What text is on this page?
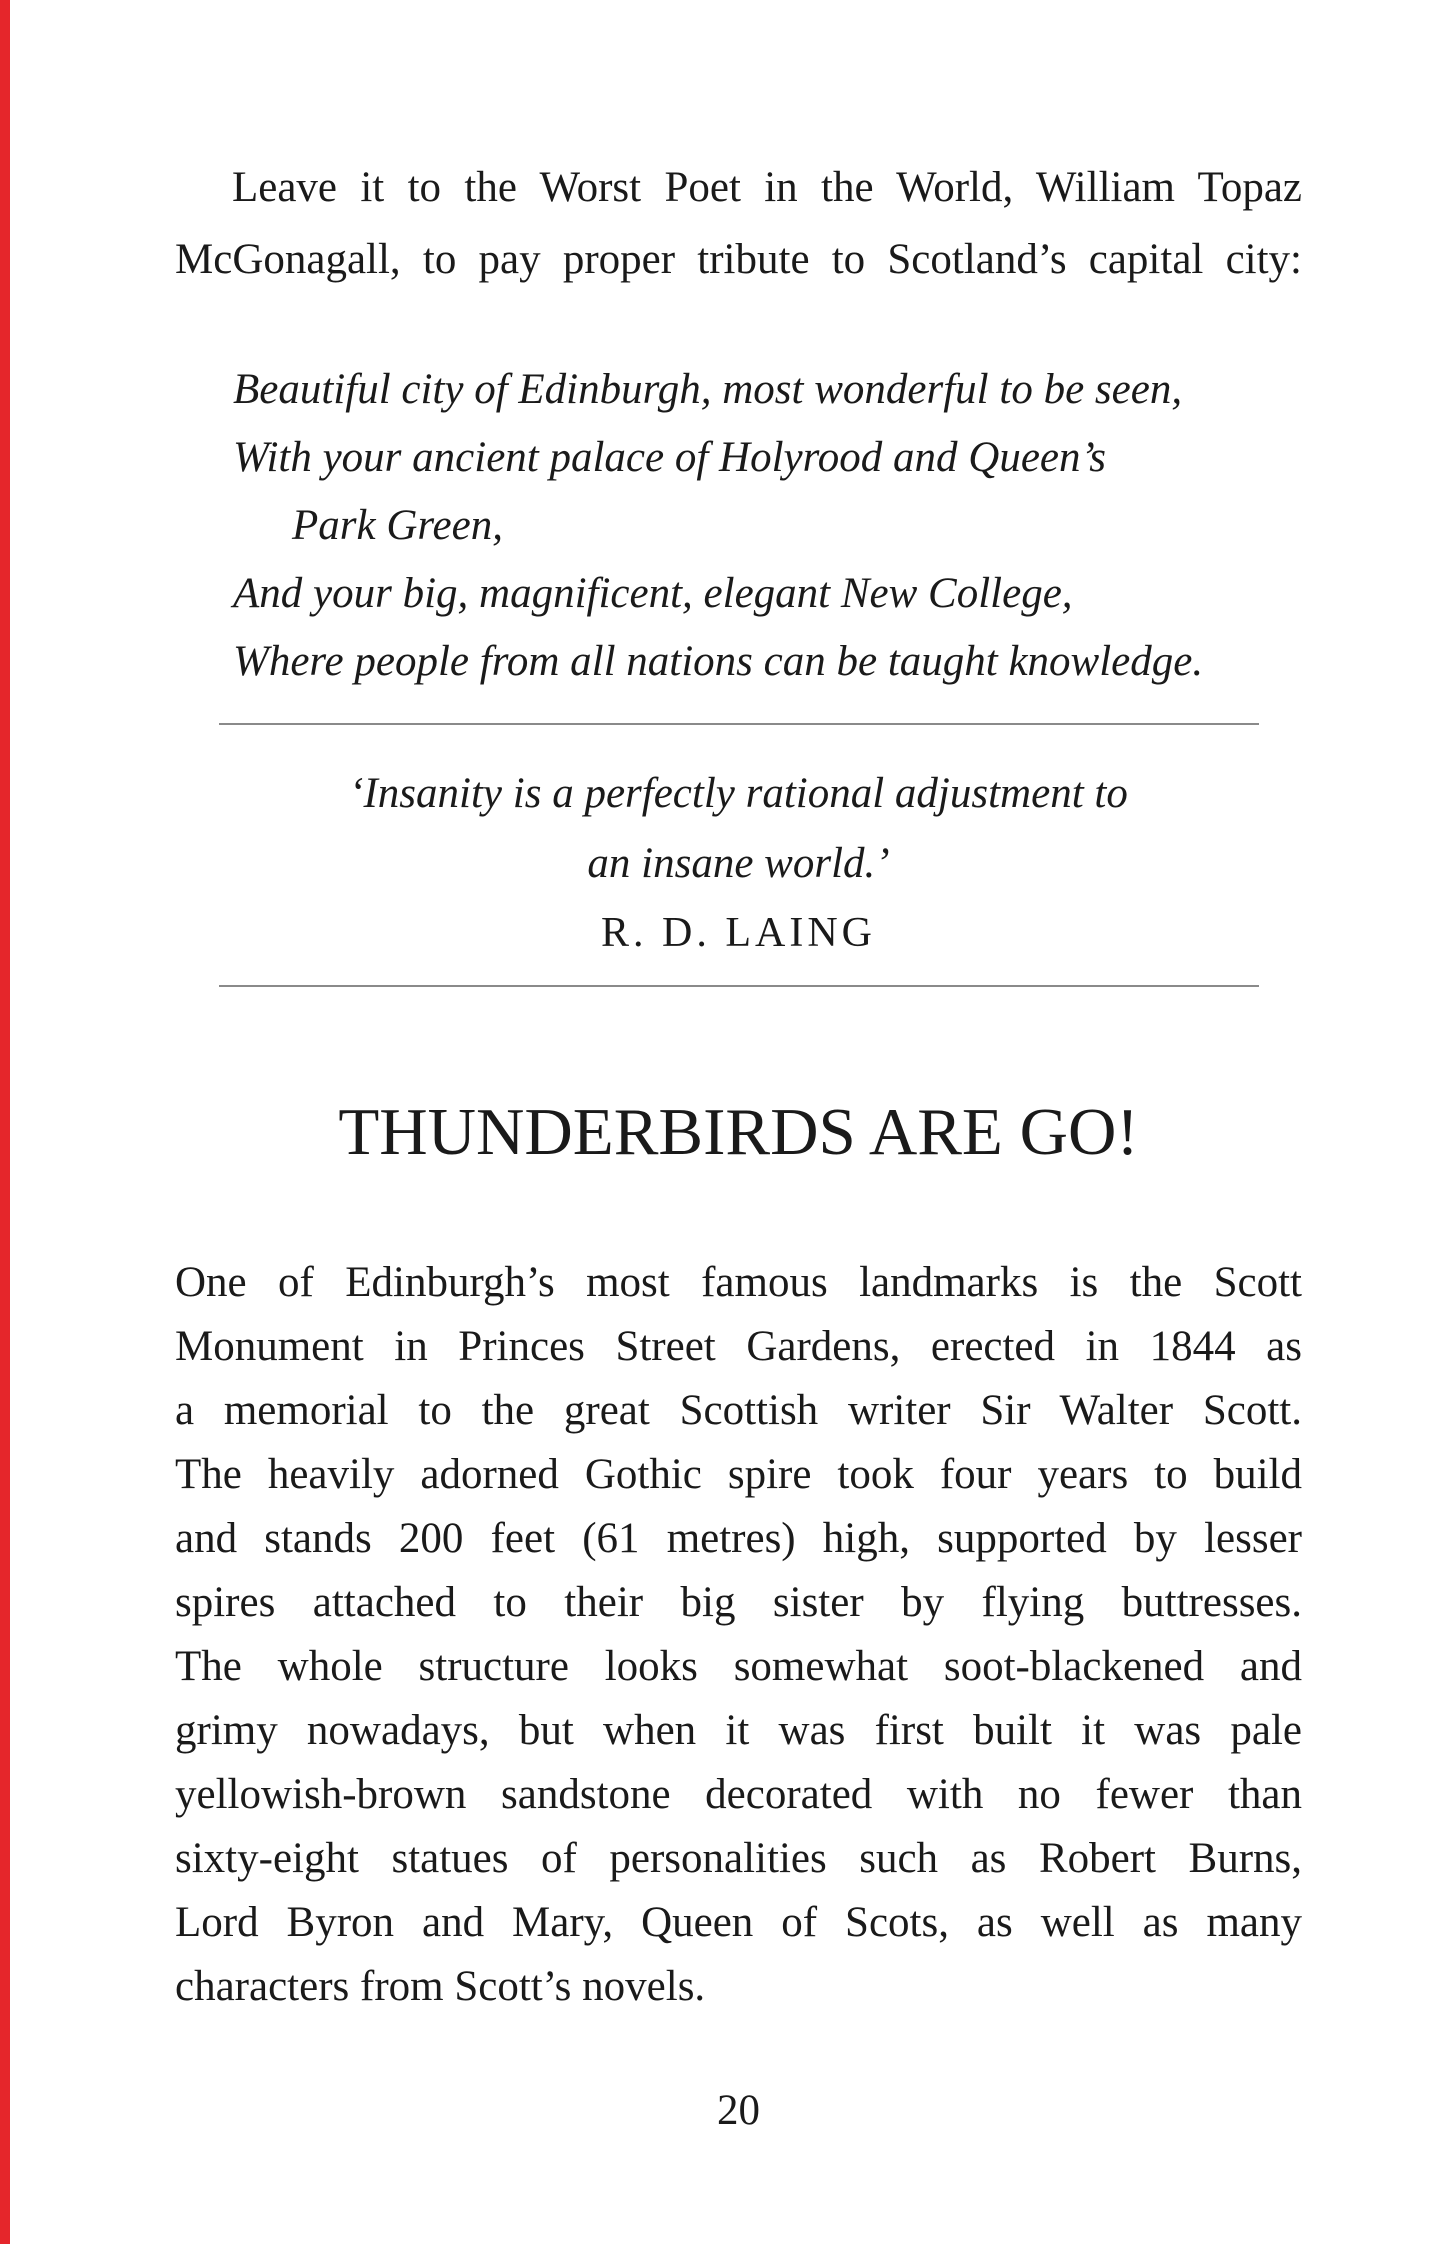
Leave it to the Worst Poet in the World, William Topaz
McGonagall, to pay proper tribute to Scotland’s capital city:
Beautiful city of Edinburgh, most wonderful to be seen,
With your ancient palace of Holyrood and Queen’s
Park Green,
And your big, magnificent, elegant New College,
Where people from all nations can be taught knowledge.
‘Insanity is a perfectly rational adjustment to
an insane world.’
R. D. LAING
THUNDERBIRDS ARE GO!
One of Edinburgh’s most famous landmarks is the Scott
Monument in Princes Street Gardens, erected in 1844 as
a memorial to the great Scottish writer Sir Walter Scott.
The heavily adorned Gothic spire took four years to build
and stands 200 feet (61 metres) high, supported by lesser
spires attached to their big sister by flying buttresses.
The whole structure looks somewhat soot-blackened and
grimy nowadays, but when it was first built it was pale
yellowish-brown sandstone decorated with no fewer than
sixty-eight statues of personalities such as Robert Burns,
Lord Byron and Mary, Queen of Scots, as well as many
characters from Scott’s novels.
20
